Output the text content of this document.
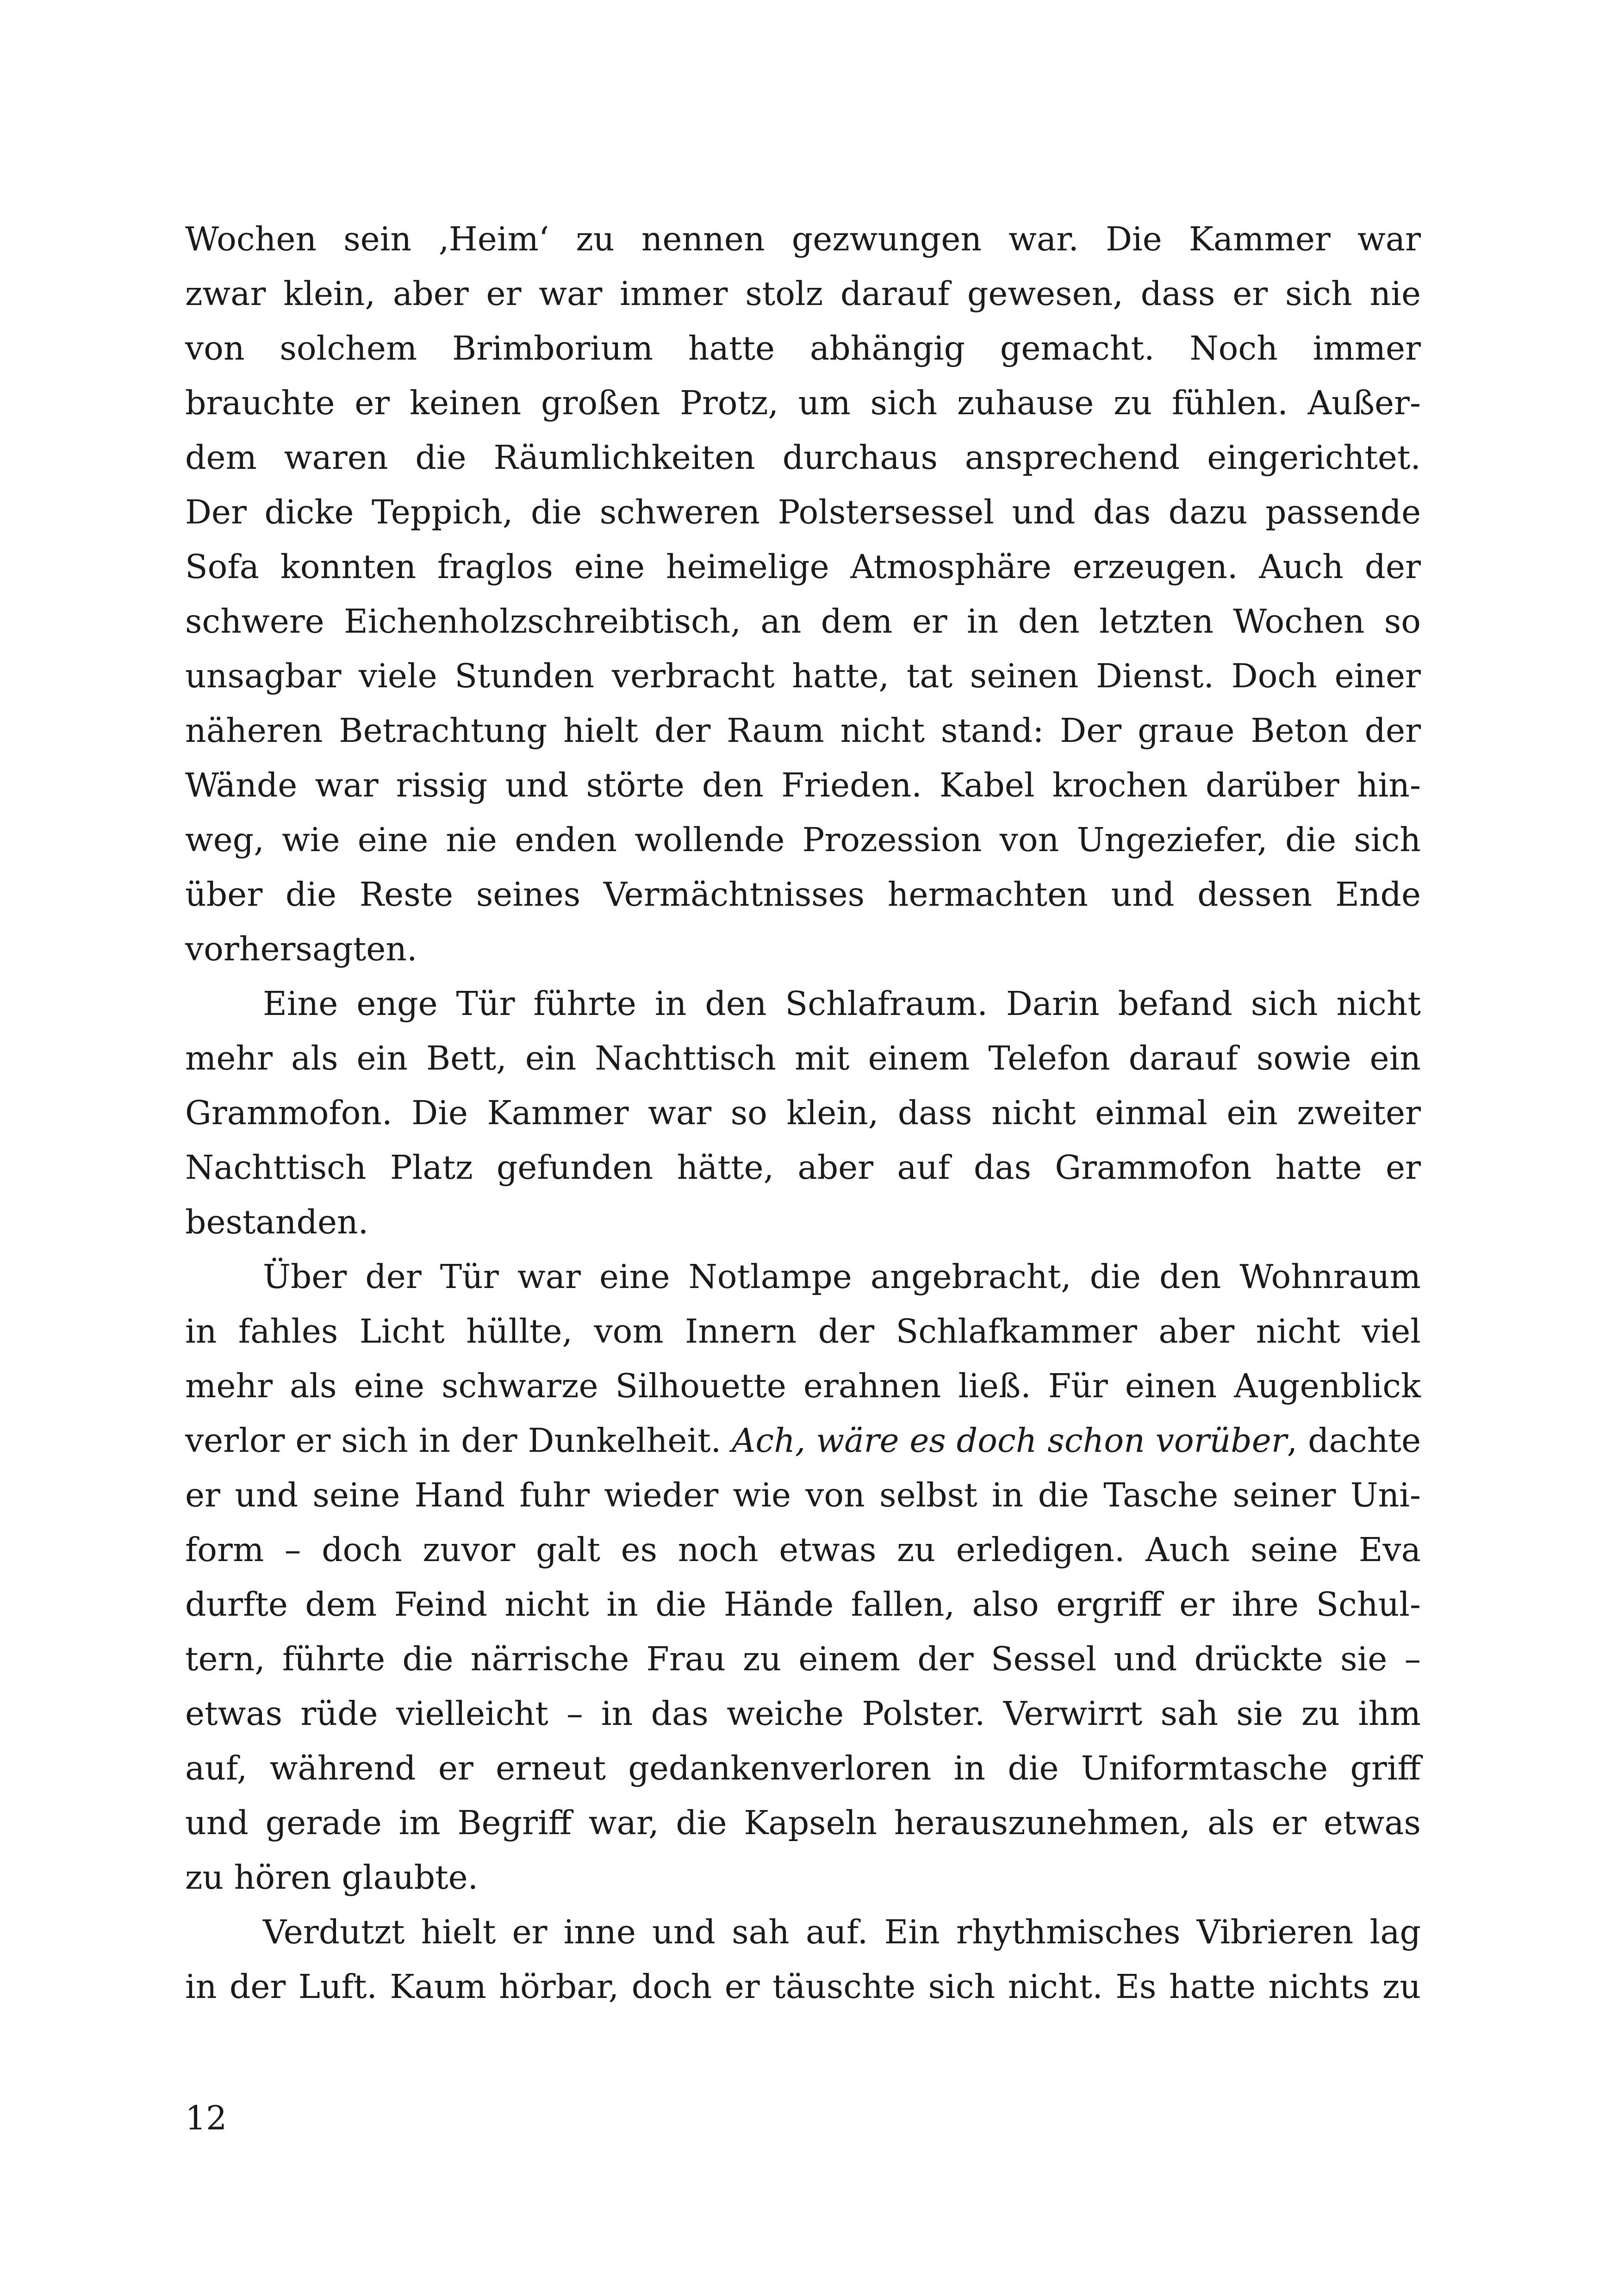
Wochen sein ‚Heim‘ zu nennen gezwungen war. Die Kammer war
zwar klein, aber er war immer stolz darauf gewesen, dass er sich nie
von solchem Brimborium hatte abhängig gemacht. Noch immer
brauchte er keinen großen Protz, um sich zuhause zu fühlen. Außer-
dem waren die Räumlichkeiten durchaus ansprechend eingerichtet.
Der dicke Teppich, die schweren Polstersessel und das dazu passende
Sofa konnten fraglos eine heimelige Atmosphäre erzeugen. Auch der
schwere Eichenholzschreibtisch, an dem er in den letzten Wochen so
unsagbar viele Stunden verbracht hatte, tat seinen Dienst. Doch einer
näheren Betrachtung hielt der Raum nicht stand: Der graue Beton der
Wände war rissig und störte den Frieden. Kabel krochen darüber hin-
weg, wie eine nie enden wollende Prozession von Ungeziefer, die sich
über die Reste seines Vermächtnisses hermachten und dessen Ende
vorhersagten.
Eine enge Tür führte in den Schlafraum. Darin befand sich nicht
mehr als ein Bett, ein Nachttisch mit einem Telefon darauf sowie ein
Grammofon. Die Kammer war so klein, dass nicht einmal ein zweiter
Nachttisch Platz gefunden hätte, aber auf das Grammofon hatte er
bestanden.
Über der Tür war eine Notlampe angebracht, die den Wohnraum
in fahles Licht hüllte, vom Innern der Schlafkammer aber nicht viel
mehr als eine schwarze Silhouette erahnen ließ. Für einen Augenblick
verlor er sich in der Dunkelheit. Ach, wäre es doch schon vorüber, dachte
er und seine Hand fuhr wieder wie von selbst in die Tasche seiner Uni-
form – doch zuvor galt es noch etwas zu erledigen. Auch seine Eva
durfte dem Feind nicht in die Hände fallen, also ergriff er ihre Schul-
tern, führte die närrische Frau zu einem der Sessel und drückte sie –
etwas rüde vielleicht – in das weiche Polster. Verwirrt sah sie zu ihm
auf, während er erneut gedankenverloren in die Uniformtasche griff
und gerade im Begriff war, die Kapseln herauszunehmen, als er etwas
zu hören glaubte.
Verdutzt hielt er inne und sah auf. Ein rhythmisches Vibrieren lag
in der Luft. Kaum hörbar, doch er täuschte sich nicht. Es hatte nichts zu
12
